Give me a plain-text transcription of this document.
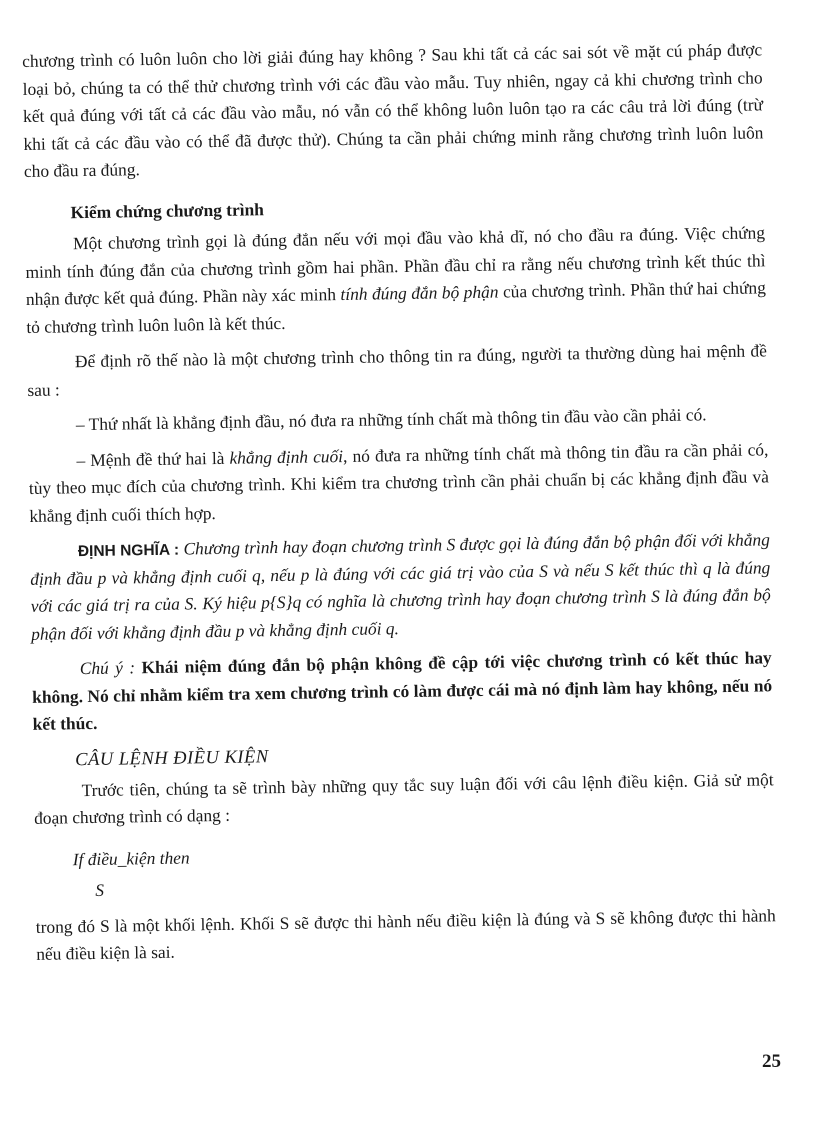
chương trình có luôn luôn cho lời giải đúng hay không ? Sau khi tất cả các sai sót về mặt cú pháp được loại bỏ, chúng ta có thể thử chương trình với các đầu vào mẫu. Tuy nhiên, ngay cả khi chương trình cho kết quả đúng với tất cả các đầu vào mẫu, nó vẫn có thể không luôn luôn tạo ra các câu trả lời đúng (trừ khi tất cả các đầu vào có thể đã được thử). Chúng ta cần phải chứng minh rằng chương trình luôn luôn cho đầu ra đúng.

Kiểm chứng chương trình

Một chương trình gọi là đúng đắn nếu với mọi đầu vào khả dĩ, nó cho đầu ra đúng. Việc chứng minh tính đúng đắn của chương trình gồm hai phần. Phần đầu chỉ ra rằng nếu chương trình kết thúc thì nhận được kết quả đúng. Phần này xác minh tính đúng đắn bộ phận của chương trình. Phần thứ hai chứng tỏ chương trình luôn luôn là kết thúc.

Để định rõ thế nào là một chương trình cho thông tin ra đúng, người ta thường dùng hai mệnh đề sau :

– Thứ nhất là khẳng định đầu, nó đưa ra những tính chất mà thông tin đầu vào cần phải có.

– Mệnh đề thứ hai là khẳng định cuối, nó đưa ra những tính chất mà thông tin đầu ra cần phải có, tùy theo mục đích của chương trình. Khi kiểm tra chương trình cần phải chuẩn bị các khẳng định đầu và khẳng định cuối thích hợp.

ĐỊNH NGHĨA : Chương trình hay đoạn chương trình S được gọi là đúng đắn bộ phận đối với khẳng định đầu p và khẳng định cuối q, nếu p là đúng với các giá trị vào của S và nếu S kết thúc thì q là đúng với các giá trị ra của S. Ký hiệu p{S}q có nghĩa là chương trình hay đoạn chương trình S là đúng đắn bộ phận đối với khẳng định đầu p và khẳng định cuối q.

Chú ý : Khái niệm đúng đắn bộ phận không đề cập tới việc chương trình có kết thúc hay không. Nó chỉ nhằm kiểm tra xem chương trình có làm được cái mà nó định làm hay không, nếu nó kết thúc.

CÂU LỆNH ĐIỀU KIỆN

Trước tiên, chúng ta sẽ trình bày những quy tắc suy luận đối với câu lệnh điều kiện. Giả sử một đoạn chương trình có dạng :

If điều_kiện then

S

trong đó S là một khối lệnh. Khối S sẽ được thi hành nếu điều kiện là đúng và S sẽ không được thi hành nếu điều kiện là sai.

25
